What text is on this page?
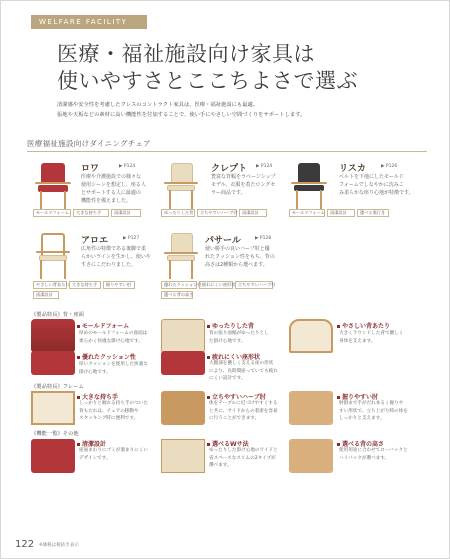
WELFARE FACILITY
医療・福祉施設向け家具は
使いやすさとここちよさで選ぶ
清潔感や安全性を考慮したクレスのコントラクト家具は、医療・福祉施設にも最適。
張地や天板などの素材に高い機能性を付加することで、使い手にやさしい空間づくりをサポートします。
医療福祉施設向けダイニングチェア
ロワ	▶ P124
医療や介護施設での様々な
使用シーンを想定し、座る人
とサポートする人に最適の
機能性を備えました。
モールドフォーム	大きな持ち手	清潔設計
クレプト ▶ P124
豊富な背幅をラベージシップ
モデル。衣服を着たロングセ
ラー商品です。
ゆったりした背	立ちやすいハーブ付	清潔設計
リスカ	▶ P126
ベルトを下地にしたモールド
フォームでしなやかに沈みこ
み柔らかな座り心地が特徴です。
モールドフォーム	清潔設計	選べる奥行き
アロエ	▶ P127
広角性の特徴である後脚で柔
らかいラインを生かし、使いや
すさにこだわりました。
やさしい背あたり 大きな持ち手	握りやすい肘
清潔設計
パサール	▶ P128
使い勝手の良いハーブ肘と優
れたクッション性をもち、背の
高さは2種類から選べます。
優れたクッション性 疲れにくい座形状 立ちやすいハーブ付
選べる背の高さ
《製品特長》背・座面
《製品特長》フレーム
《機能一覧》その他
モールドフォーム
厚めのモールドフォームの座面は
柔らかく快適な掛け心地です。
ゆったりした背
背の張り面幅がゆったりとし
た掛け心地です。
やさしい背あたり
大きくラウンドした背で優しく
身体を支えます。
優れたクッション性
厚いクッションを使用した快適な
掛け心地です。
疲れにくい座形状
大腿部を優しく支える座の形状
により、長時間座っていても疲れ
にくい設計です。
大きな持ち手
しっかりと握れる持ち手のついた
背もたれは、チェアの移動や
スタッキング時に便利です。
立ちやすいハーブ肘
体をテーブルに近づけやすくする
と共に、サイドからの着席を容易
に行うことができます。
握りやすい肘
肘掛まで手がだれ本るく握りや
すい形状で、立ち上がり時の体を
しっかりと支えます。
清潔設計
座面まわりにゴミが溜まりにくい
デザインです。
選べるWサ法
ゆったりした掛け心地のワイドと
省スペースなスリムの2タイプが
選べます。
選べる背の高さ
使用用途に合わせてローバックと
ハイバックが選べます。
122 ※価格は税抜き表示
